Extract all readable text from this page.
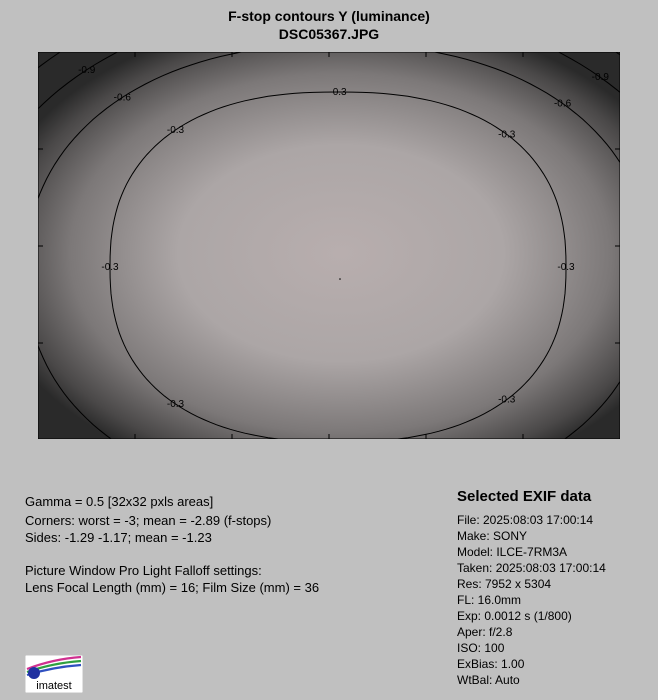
F-stop contours Y (luminance)
DSC05367.JPG
-0.3	-0.3
-0.3
-0.3	-0.3
-0.3	-0.3
-0.6
-0.6
-0.9
-0.9
Gamma = 0.5 [32x32 pxls areas]
Corners: worst = -3; mean = -2.89 (f-stops)
Sides: -1.29 -1.17; mean = -1.23
Picture Window Pro Light Falloff settings:
Lens Focal Length (mm) = 16; Film Size (mm) = 36
Selected EXIF data
File: 2025:08:03 17:00:14
Make: SONY
Model: ILCE-7RM3A
Taken: 2025:08:03 17:00:14
Res: 7952 x 5304
FL: 16.0mm
Exp: 0.0012 s (1/800)
Aper: f/2.8
ISO: 100
ExBias: 1.00
WtBal: Auto
imatest
